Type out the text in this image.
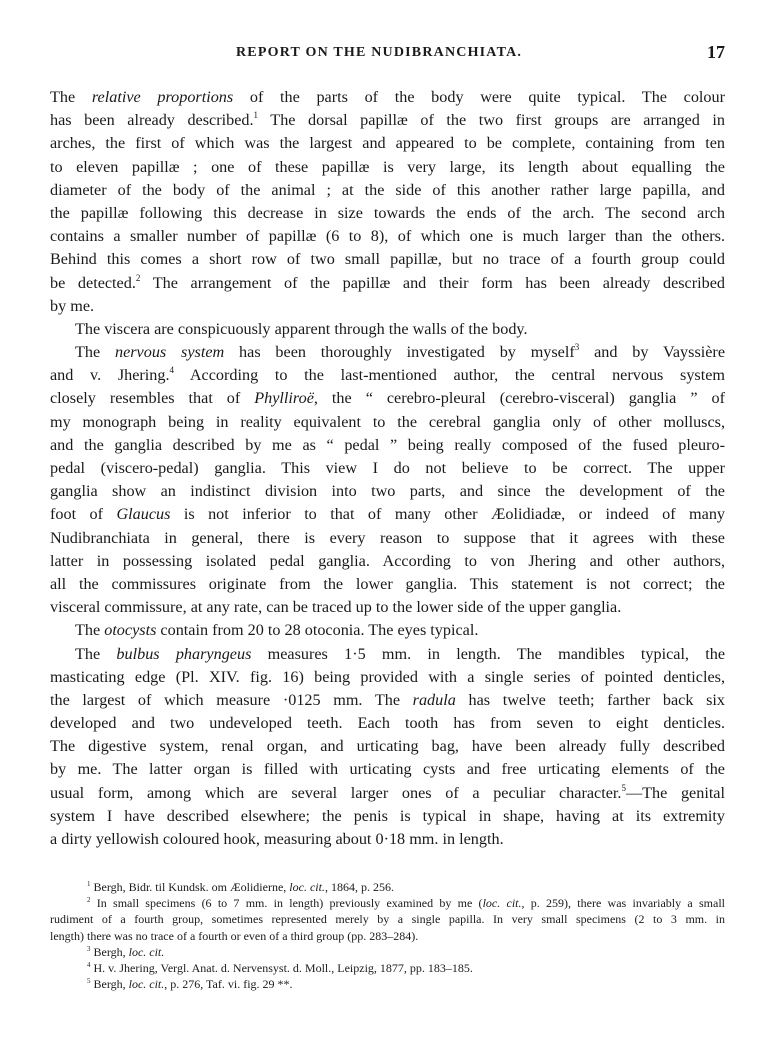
REPORT ON THE NUDIBRANCHIATA.	17
The relative proportions of the parts of the body were quite typical. The colour
has been already described.$^1$ The dorsal papillæ of the two first groups are arranged in
arches, the first of which was the largest and appeared to be complete, containing from ten
to eleven papillæ ; one of these papillæ is very large, its length about equalling the
diameter of the body of the animal ; at the side of this another rather large papilla, and
the papillæ following this decrease in size towards the ends of the arch. The second arch
contains a smaller number of papillæ (6 to 8), of which one is much larger than the others.
Behind this comes a short row of two small papillæ, but no trace of a fourth group could
be detected.$^2$ The arrangement of the papillæ and their form has been already described
by me.
The viscera are conspicuously apparent through the walls of the body.
The nervous system has been thoroughly investigated by myself$^3$ and by Vayssière
and v. Jhering.$^4$ According to the last-mentioned author, the central nervous system
closely resembles that of Phylliroë, the “ cerebro-pleural (cerebro-visceral) ganglia ” of
my monograph being in reality equivalent to the cerebral ganglia only of other molluscs,
and the ganglia described by me as “ pedal ” being really composed of the fused pleuro-
pedal (viscero-pedal) ganglia. This view I do not believe to be correct. The upper
ganglia show an indistinct division into two parts, and since the development of the
foot of Glaucus is not inferior to that of many other Æolidiadæ, or indeed of many
Nudibranchiata in general, there is every reason to suppose that it agrees with these
latter in possessing isolated pedal ganglia. According to von Jhering and other authors,
all the commissures originate from the lower ganglia. This statement is not correct; the
visceral commissure, at any rate, can be traced up to the lower side of the upper ganglia.
The otocysts contain from 20 to 28 otoconia. The eyes typical.
The bulbus pharyngeus measures 1·5 mm. in length. The mandibles typical, the
masticating edge (Pl. XIV. fig. 16) being provided with a single series of pointed denticles,
the largest of which measure ·0125 mm. The radula has twelve teeth; farther back six
developed and two undeveloped teeth. Each tooth has from seven to eight denticles.
The digestive system, renal organ, and urticating bag, have been already fully described
by me. The latter organ is filled with urticating cysts and free urticating elements of the
usual form, among which are several larger ones of a peculiar character.$^5$—The genital
system I have described elsewhere; the penis is typical in shape, having at its extremity
a dirty yellowish coloured hook, measuring about 0·18 mm. in length.
$^1$ Bergh, Bidr. til Kundsk. om Æolidierne, loc. cit., 1864, p. 256.
$^2$ In small specimens (6 to 7 mm. in length) previously examined by me (loc. cit., p. 259), there was invariably a small
rudiment of a fourth group, sometimes represented merely by a single papilla. In very small specimens (2 to 3 mm. in
length) there was no trace of a fourth or even of a third group (pp. 283–284).
$^3$ Bergh, loc. cit.
$^4$ H. v. Jhering, Vergl. Anat. d. Nervensyst. d. Moll., Leipzig, 1877, pp. 183–185.
$^5$ Bergh, loc. cit., p. 276, Taf. vi. fig. 29 **.
